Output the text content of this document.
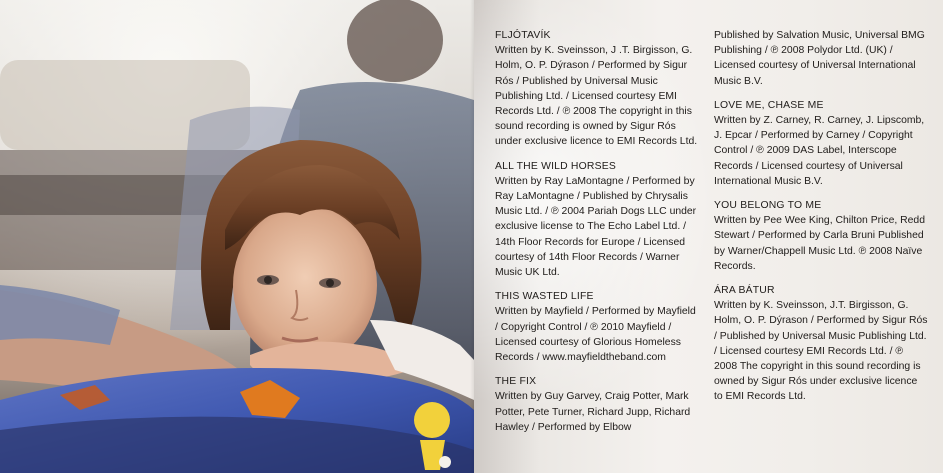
FLJÓTAVÍK
Written by K. Sveinsson, J .T. Birgisson, G. Holm, O. P. Dýrason / Performed by Sigur Rós / Published by Universal Music Publishing Ltd. / Licensed courtesy EMI Records Ltd. / ℗ 2008 The copyright in this sound recording is owned by Sigur Rós under exclusive licence to EMI Records Ltd.
ALL THE WILD HORSES
Written by Ray LaMontagne / Performed by Ray LaMontagne / Published by Chrysalis Music Ltd. / ℗ 2004 Pariah Dogs LLC under exclusive license to The Echo Label Ltd. / 14th Floor Records for Europe / Licensed courtesy of 14th Floor Records / Warner Music UK Ltd.
THIS WASTED LIFE
Written by Mayfield / Performed by Mayfield / Copyright Control / ℗ 2010 Mayfield / Licensed courtesy of Glorious Homeless Records / www.mayfieldtheband.com
THE FIX
Written by Guy Garvey, Craig Potter, Mark Potter, Pete Turner, Richard Jupp, Richard Hawley / Performed by Elbow
Published by Salvation Music, Universal BMG Publishing / ℗ 2008 Polydor Ltd. (UK) / Licensed courtesy of Universal International Music B.V.
LOVE ME, CHASE ME
Written by Z. Carney, R. Carney, J. Lipscomb, J. Epcar / Performed by Carney / Copyright Control / ℗ 2009 DAS Label, Interscope Records / Licensed courtesy of Universal International Music B.V.
YOU BELONG TO ME
Written by Pee Wee King, Chilton Price, Redd Stewart / Performed by Carla Bruni Published by Warner/Chappell Music Ltd. ℗ 2008 Naïve Records.
ÁRA BÁTUR
Written by K. Sveinsson, J.T. Birgisson, G. Holm, O. P. Dýrason / Performed by Sigur Rós / Published by Universal Music Publishing Ltd. / Licensed courtesy EMI Records Ltd. / ℗ 2008 The copyright in this sound recording is owned by Sigur Rós under exclusive licence to EMI Records Ltd.
